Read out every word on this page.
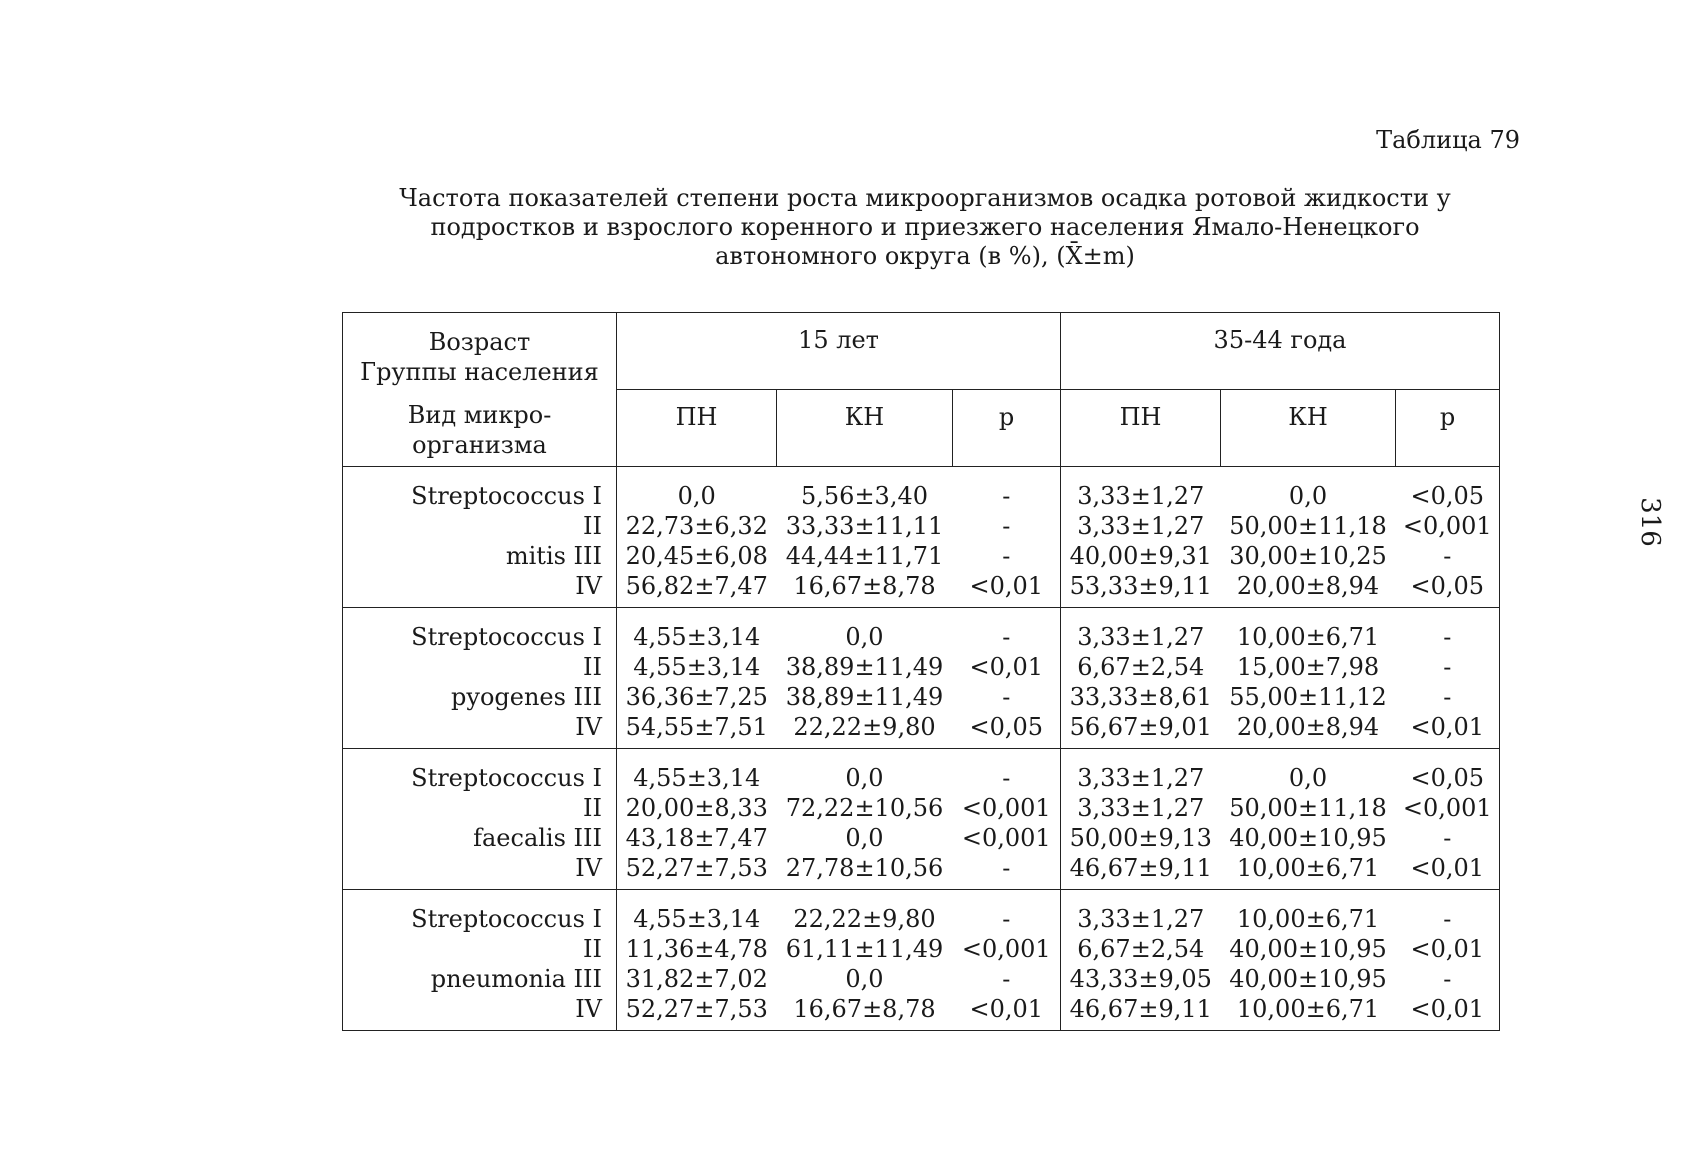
Таблица 79
Частота показателей степени роста микроорганизмов осадка ротовой жидкости у
подростков и взрослого коренного и приезжего населения Ямало-Ненецкого
автономного округа (в %), (X̄±m)
316
Возраст
Группы населения	15 лет			35-44 года		

Вид микро-
организма	ПН	КН	p	ПН	КН	p
Streptococcus I	0,0	5,56±3,40	-	3,33±1,27	0,0	<0,05
II	22,73±6,32	33,33±11,11	-	3,33±1,27	50,00±11,18	<0,001
mitis III	20,45±6,08	44,44±11,71	-	40,00±9,31	30,00±10,25	-
IV	56,82±7,47	16,67±8,78	<0,01	53,33±9,11	20,00±8,94	<0,05
Streptococcus I	4,55±3,14	0,0	-	3,33±1,27	10,00±6,71	-
II	4,55±3,14	38,89±11,49	<0,01	6,67±2,54	15,00±7,98	-
pyogenes III	36,36±7,25	38,89±11,49	-	33,33±8,61	55,00±11,12	-
IV	54,55±7,51	22,22±9,80	<0,05	56,67±9,01	20,00±8,94	<0,01
Streptococcus I	4,55±3,14	0,0	-	3,33±1,27	0,0	<0,05
II	20,00±8,33	72,22±10,56	<0,001	3,33±1,27	50,00±11,18	<0,001
faecalis III	43,18±7,47	0,0	<0,001	50,00±9,13	40,00±10,95	-
IV	52,27±7,53	27,78±10,56	-	46,67±9,11	10,00±6,71	<0,01
Streptococcus I	4,55±3,14	22,22±9,80	-	3,33±1,27	10,00±6,71	-
II	11,36±4,78	61,11±11,49	<0,001	6,67±2,54	40,00±10,95	<0,01
pneumonia III	31,82±7,02	0,0	-	43,33±9,05	40,00±10,95	-
IV	52,27±7,53	16,67±8,78	<0,01	46,67±9,11	10,00±6,71	<0,01
